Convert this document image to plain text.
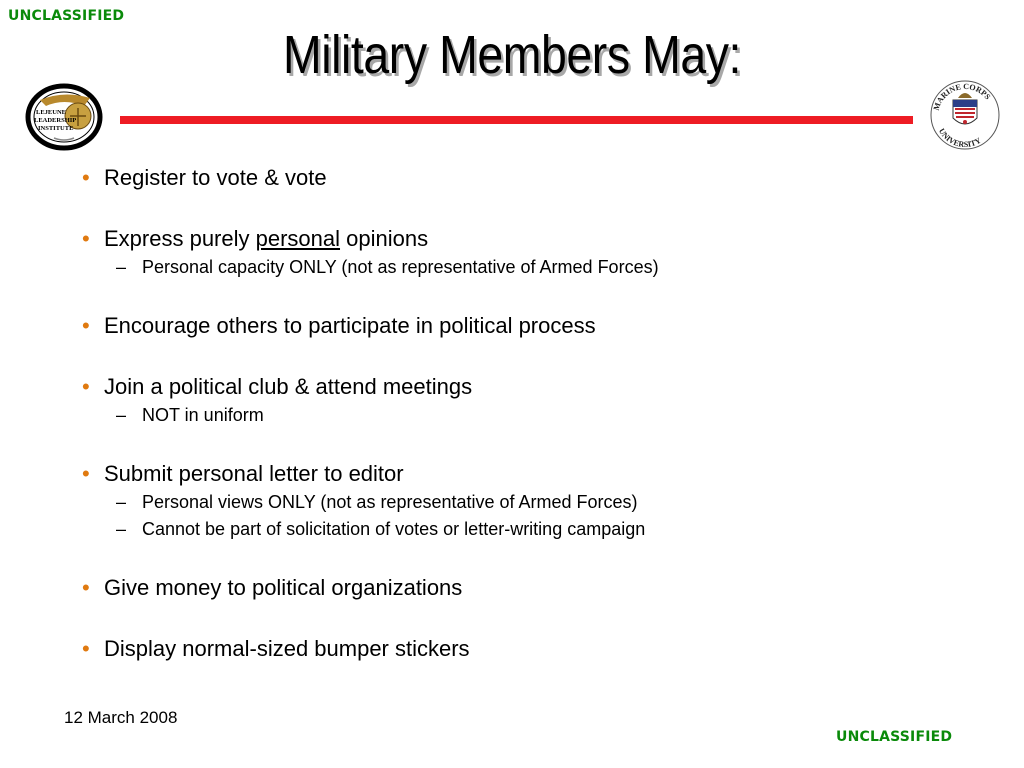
UNCLASSIFIED
LEJEUNE
LEADERSHIP
INSTITUTE
Military Members May:
MARINE CORPS
UNIVERSITY
• Register to vote & vote
• Express purely personal opinions
– Personal capacity ONLY (not as representative of Armed Forces)
• Encourage others to participate in political process
• Join a political club & attend meetings
– NOT in uniform
• Submit personal letter to editor
– Personal views ONLY (not as representative of Armed Forces)
– Cannot be part of solicitation of votes or letter-writing campaign
• Give money to political organizations
• Display normal-sized bumper stickers
12 March 2008
UNCLASSIFIED
